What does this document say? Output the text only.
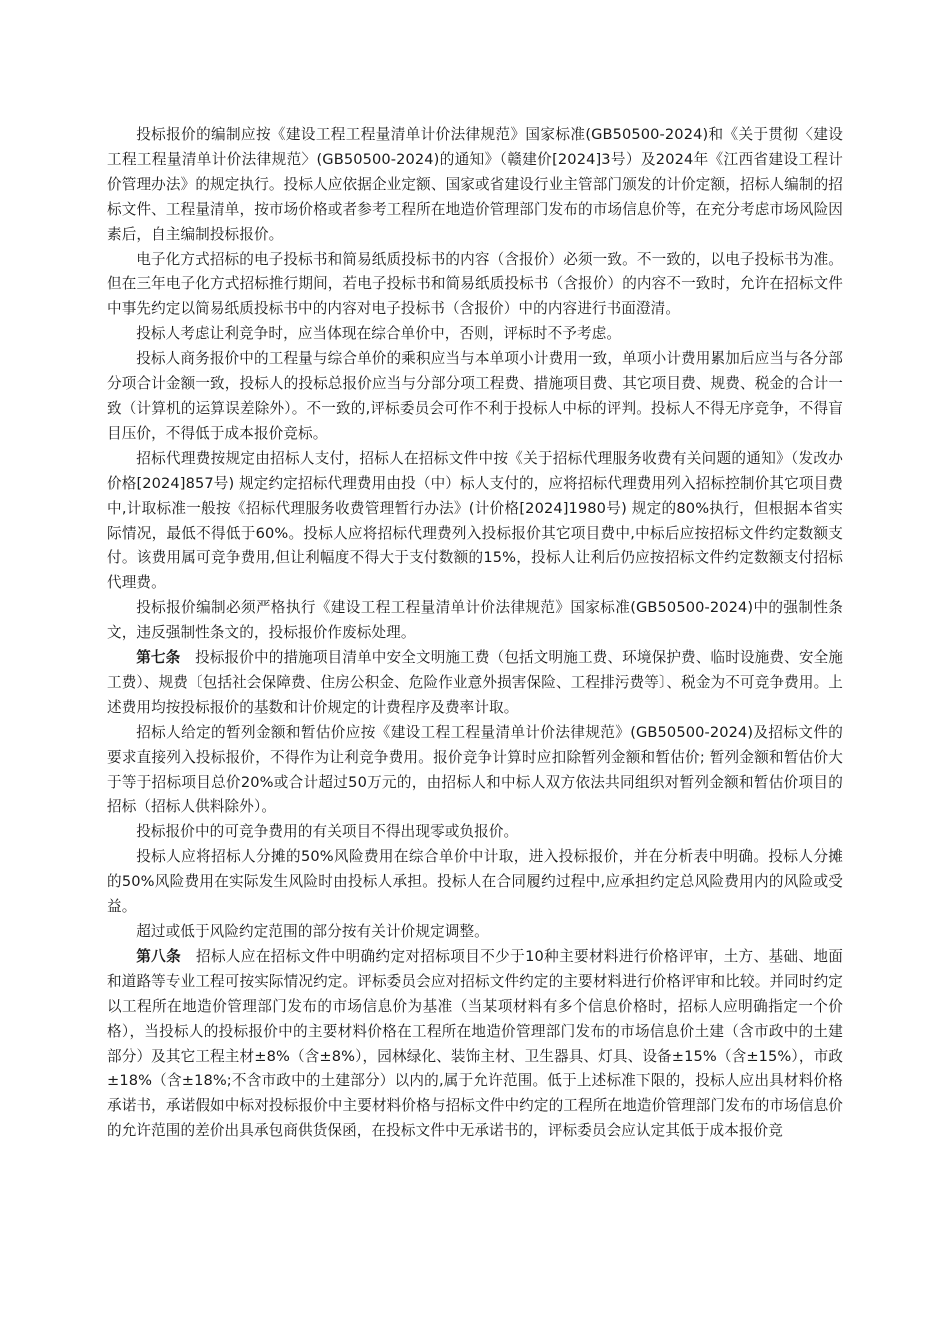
投标报价的编制应按《建设工程工程量清单计价法律规范》国家标准(GB50500-2024)和《关于贯彻〈建设工程工程量清单计价法律规范〉(GB50500-2024)的通知》（赣建价[2024]3号）及2024年《江西省建设工程计价管理办法》的规定执行。投标人应依据企业定额、国家或省建设行业主管部门颁发的计价定额，招标人编制的招标文件、工程量清单，按市场价格或者参考工程所在地造价管理部门发布的市场信息价等，在充分考虑市场风险因素后，自主编制投标报价。

电子化方式招标的电子投标书和简易纸质投标书的内容（含报价）必须一致。不一致的，以电子投标书为准。但在三年电子化方式招标推行期间，若电子投标书和简易纸质投标书（含报价）的内容不一致时，允许在招标文件中事先约定以简易纸质投标书中的内容对电子投标书（含报价）中的内容进行书面澄清。

投标人考虑让利竞争时，应当体现在综合单价中，否则，评标时不予考虑。

投标人商务报价中的工程量与综合单价的乘积应当与本单项小计费用一致，单项小计费用累加后应当与各分部分项合计金额一致，投标人的投标总报价应当与分部分项工程费、措施项目费、其它项目费、规费、税金的合计一致（计算机的运算误差除外）。不一致的,评标委员会可作不利于投标人中标的评判。投标人不得无序竞争，不得盲目压价，不得低于成本报价竞标。

招标代理费按规定由招标人支付，招标人在招标文件中按《关于招标代理服务收费有关问题的通知》（发改办价格[2024]857号) 规定约定招标代理费用由投（中）标人支付的，应将招标代理费用列入招标控制价其它项目费中,计取标准一般按《招标代理服务收费管理暂行办法》(计价格[2024]1980号) 规定的80%执行，但根据本省实际情况，最低不得低于60%。投标人应将招标代理费列入投标报价其它项目费中,中标后应按招标文件约定数额支付。该费用属可竞争费用,但让利幅度不得大于支付数额的15%，投标人让利后仍应按招标文件约定数额支付招标代理费。

投标报价编制必须严格执行《建设工程工程量清单计价法律规范》国家标准(GB50500-2024)中的强制性条文，违反强制性条文的，投标报价作废标处理。

第七条　投标报价中的措施项目清单中安全文明施工费（包括文明施工费、环境保护费、临时设施费、安全施工费）、规费〔包括社会保障费、住房公积金、危险作业意外损害保险、工程排污费等〕、税金为不可竞争费用。上述费用均按投标报价的基数和计价规定的计费程序及费率计取。

招标人给定的暂列金额和暂估价应按《建设工程工程量清单计价法律规范》(GB50500-2024)及招标文件的要求直接列入投标报价，不得作为让利竞争费用。报价竞争计算时应扣除暂列金额和暂估价; 暂列金额和暂估价大于等于招标项目总价20%或合计超过50万元的，由招标人和中标人双方依法共同组织对暂列金额和暂估价项目的招标（招标人供料除外）。

投标报价中的可竞争费用的有关项目不得出现零或负报价。

投标人应将招标人分摊的50%风险费用在综合单价中计取，进入投标报价，并在分析表中明确。投标人分摊的50%风险费用在实际发生风险时由投标人承担。投标人在合同履约过程中,应承担约定总风险费用内的风险或受益。

超过或低于风险约定范围的部分按有关计价规定调整。

第八条　招标人应在招标文件中明确约定对招标项目不少于10种主要材料进行价格评审，土方、基础、地面和道路等专业工程可按实际情况约定。评标委员会应对招标文件约定的主要材料进行价格评审和比较。并同时约定以工程所在地造价管理部门发布的市场信息价为基准（当某项材料有多个信息价格时，招标人应明确指定一个价格），当投标人的投标报价中的主要材料价格在工程所在地造价管理部门发布的市场信息价土建（含市政中的土建部分）及其它工程主材±8%（含±8%），园林绿化、装饰主材、卫生器具、灯具、设备±15%（含±15%），市政±18%（含±18%;不含市政中的土建部分）以内的,属于允许范围。低于上述标准下限的，投标人应出具材料价格承诺书，承诺假如中标对投标报价中主要材料价格与招标文件中约定的工程所在地造价管理部门发布的市场信息价的允许范围的差价出具承包商供货保函，在投标文件中无承诺书的，评标委员会应认定其低于成本报价竞
